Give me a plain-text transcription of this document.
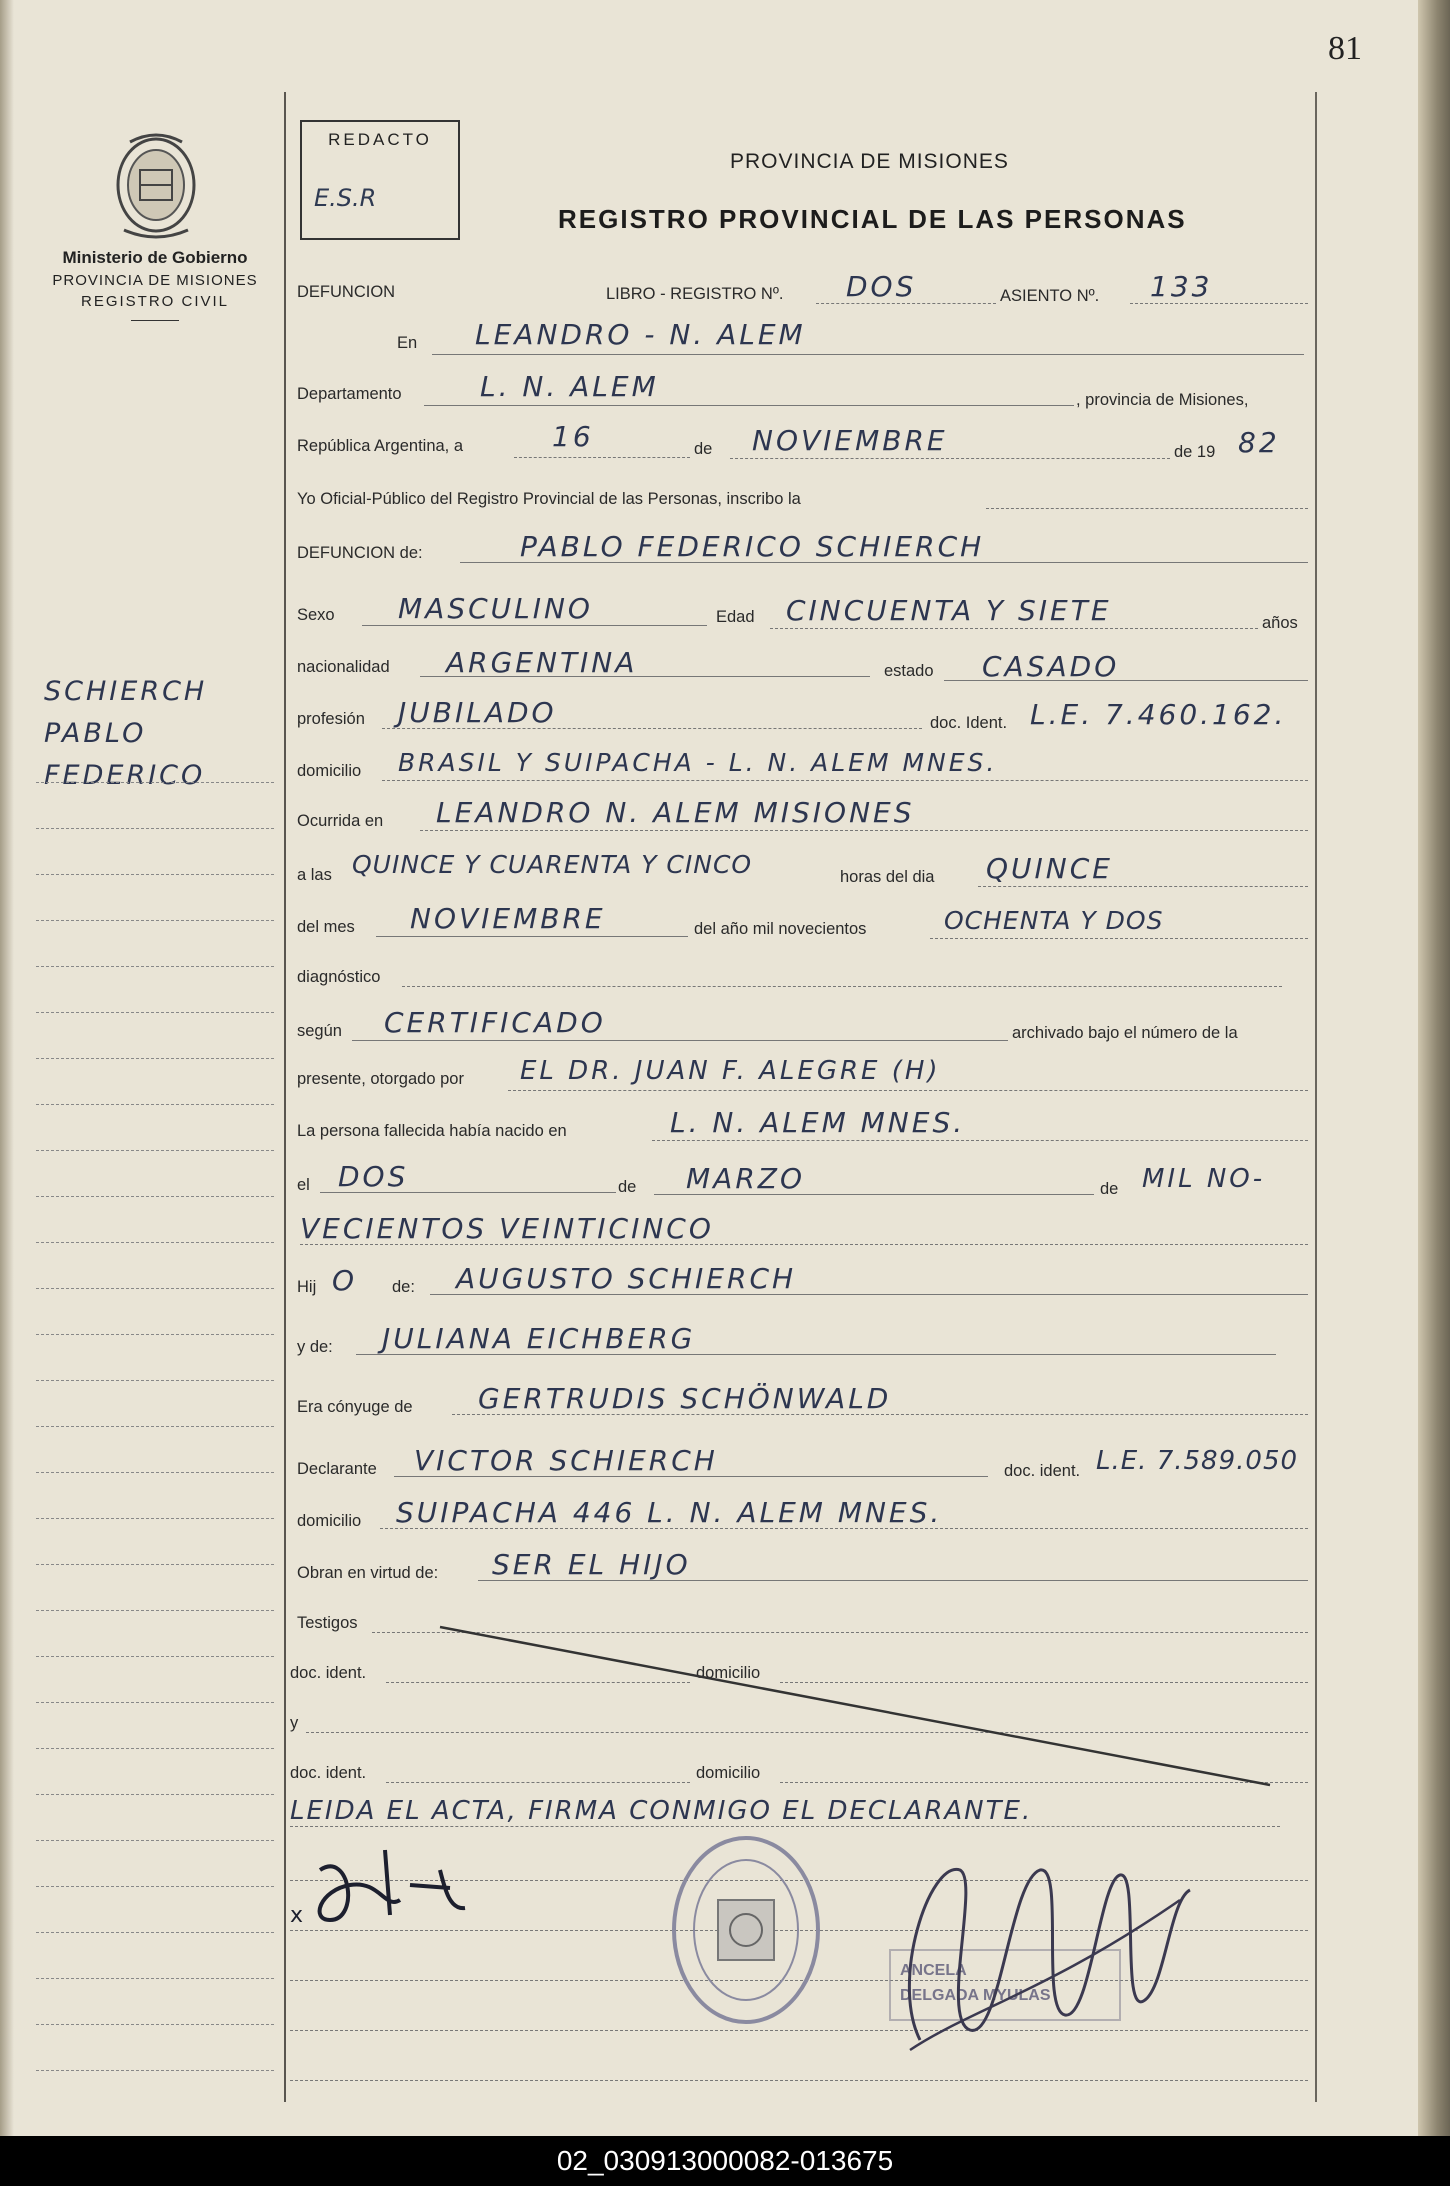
81
Ministerio de Gobierno
PROVINCIA DE MISIONES
REGISTRO CIVIL
SCHIERCH
PABLO
FEDERICO
REDACTO
E.S.R
PROVINCIA DE MISIONES
REGISTRO PROVINCIAL DE LAS PERSONAS
DEFUNCION	LIBRO - REGISTRO Nº. DOS	ASIENTO Nº. 133
En LEANDRO - N. ALEM
Departamento	L. N. ALEM	, provincia de Misiones,
República Argentina, a	16	de NOVIEMBRE	de 19 82
Yo Oficial-Público del Registro Provincial de las Personas, inscribo la
DEFUNCION de:	PABLO FEDERICO SCHIERCH
Sexo MASCULINO	Edad CINCUENTA Y SIETE	años
nacionalidad ARGENTINA	estado CASADO
profesión JUBILADO	doc. Ident. L.E. 7.460.162.
domicilio BRASIL Y SUIPACHA - L. N. ALEM MNES.
Ocurrida en LEANDRO N. ALEM MISIONES
a las QUINCE Y CUARENTA Y CINCO	horas del dia QUINCE
del mes NOVIEMBRE	del año mil novecientos	OCHENTA Y DOS
diagnóstico
según CERTIFICADO	archivado bajo el número de la
presente, otorgado por EL DR. JUAN F. ALEGRE (H)
La persona fallecida había nacido en	L. N. ALEM MNES.
el DOS	de MARZO	de MIL NO-
VECIENTOS VEINTICINCO
Hij O de: AUGUSTO SCHIERCH
y de: JULIANA EICHBERG
Era cónyuge de GERTRUDIS SCHÖNWALD
Declarante VICTOR SCHIERCH	doc. ident. L.E. 7.589.050
domicilio SUIPACHA 446 L. N. ALEM MNES.
Obran en virtud de: SER EL HIJO
Testigos
doc. ident.	domicilio
y
doc. ident.	domicilio
LEIDA EL ACTA, FIRMA CONMIGO EL DECLARANTE.
x
ANCELA
DELGADA MYULAS
02_030913000082-013675
